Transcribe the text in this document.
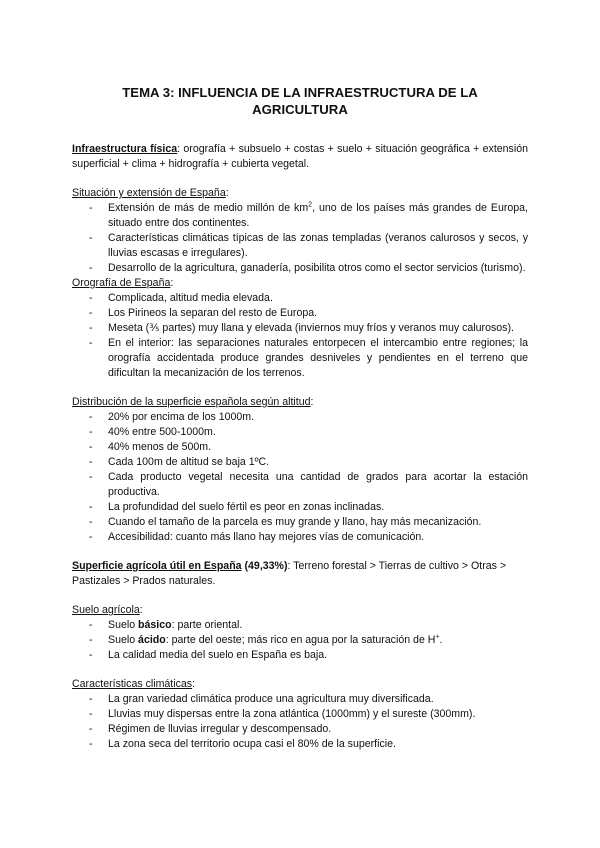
TEMA 3: INFLUENCIA DE LA INFRAESTRUCTURA DE LA AGRICULTURA

Infraestructura física: orografía + subsuelo + costas + suelo + situación geográfica + extensión superficial + clima + hidrografía + cubierta vegetal.

Situación y extensión de España:
- Extensión de más de medio millón de $km^2$, uno de los países más grandes de Europa, situado entre dos continentes.
- Características climáticas típicas de las zonas templadas (veranos calurosos y secos, y lluvias escasas e irregulares).
- Desarrollo de la agricultura, ganadería, posibilita otros como el sector servicios (turismo).
Orografía de España:
- Complicada, altitud media elevada.
- Los Pirineos la separan del resto de Europa.
- Meseta (⅗ partes) muy llana y elevada (inviernos muy fríos y veranos muy calurosos).
- En el interior: las separaciones naturales entorpecen el intercambio entre regiones; la orografía accidentada produce grandes desniveles y pendientes en el terreno que dificultan la mecanización de los terrenos.
Distribución de la superficie española según altitud:
- 20% por encima de los 1000m.
- 40% entre 500-1000m.
- 40% menos de 500m.
- Cada 100m de altitud se baja 1ºC.
- Cada producto vegetal necesita una cantidad de grados para acortar la estación productiva.
- La profundidad del suelo fértil es peor en zonas inclinadas.
- Cuando el tamaño de la parcela es muy grande y llano, hay más mecanización.
- Accesibilidad: cuanto más llano hay mejores vías de comunicación.

Superficie agrícola útil en España (49,33%): Terreno forestal > Tierras de cultivo > Otras > Pastizales > Prados naturales.

Suelo agrícola:
- Suelo básico: parte oriental.
- Suelo ácido: parte del oeste; más rico en agua por la saturación de H+.
- La calidad media del suelo en España es baja.
Características climáticas:
- La gran variedad climática produce una agricultura muy diversificada.
- Lluvias muy dispersas entre la zona atlántica (1000mm) y el sureste (300mm).
- Régimen de lluvias irregular y descompensado.
- La zona seca del territorio ocupa casi el 80% de la superficie.
